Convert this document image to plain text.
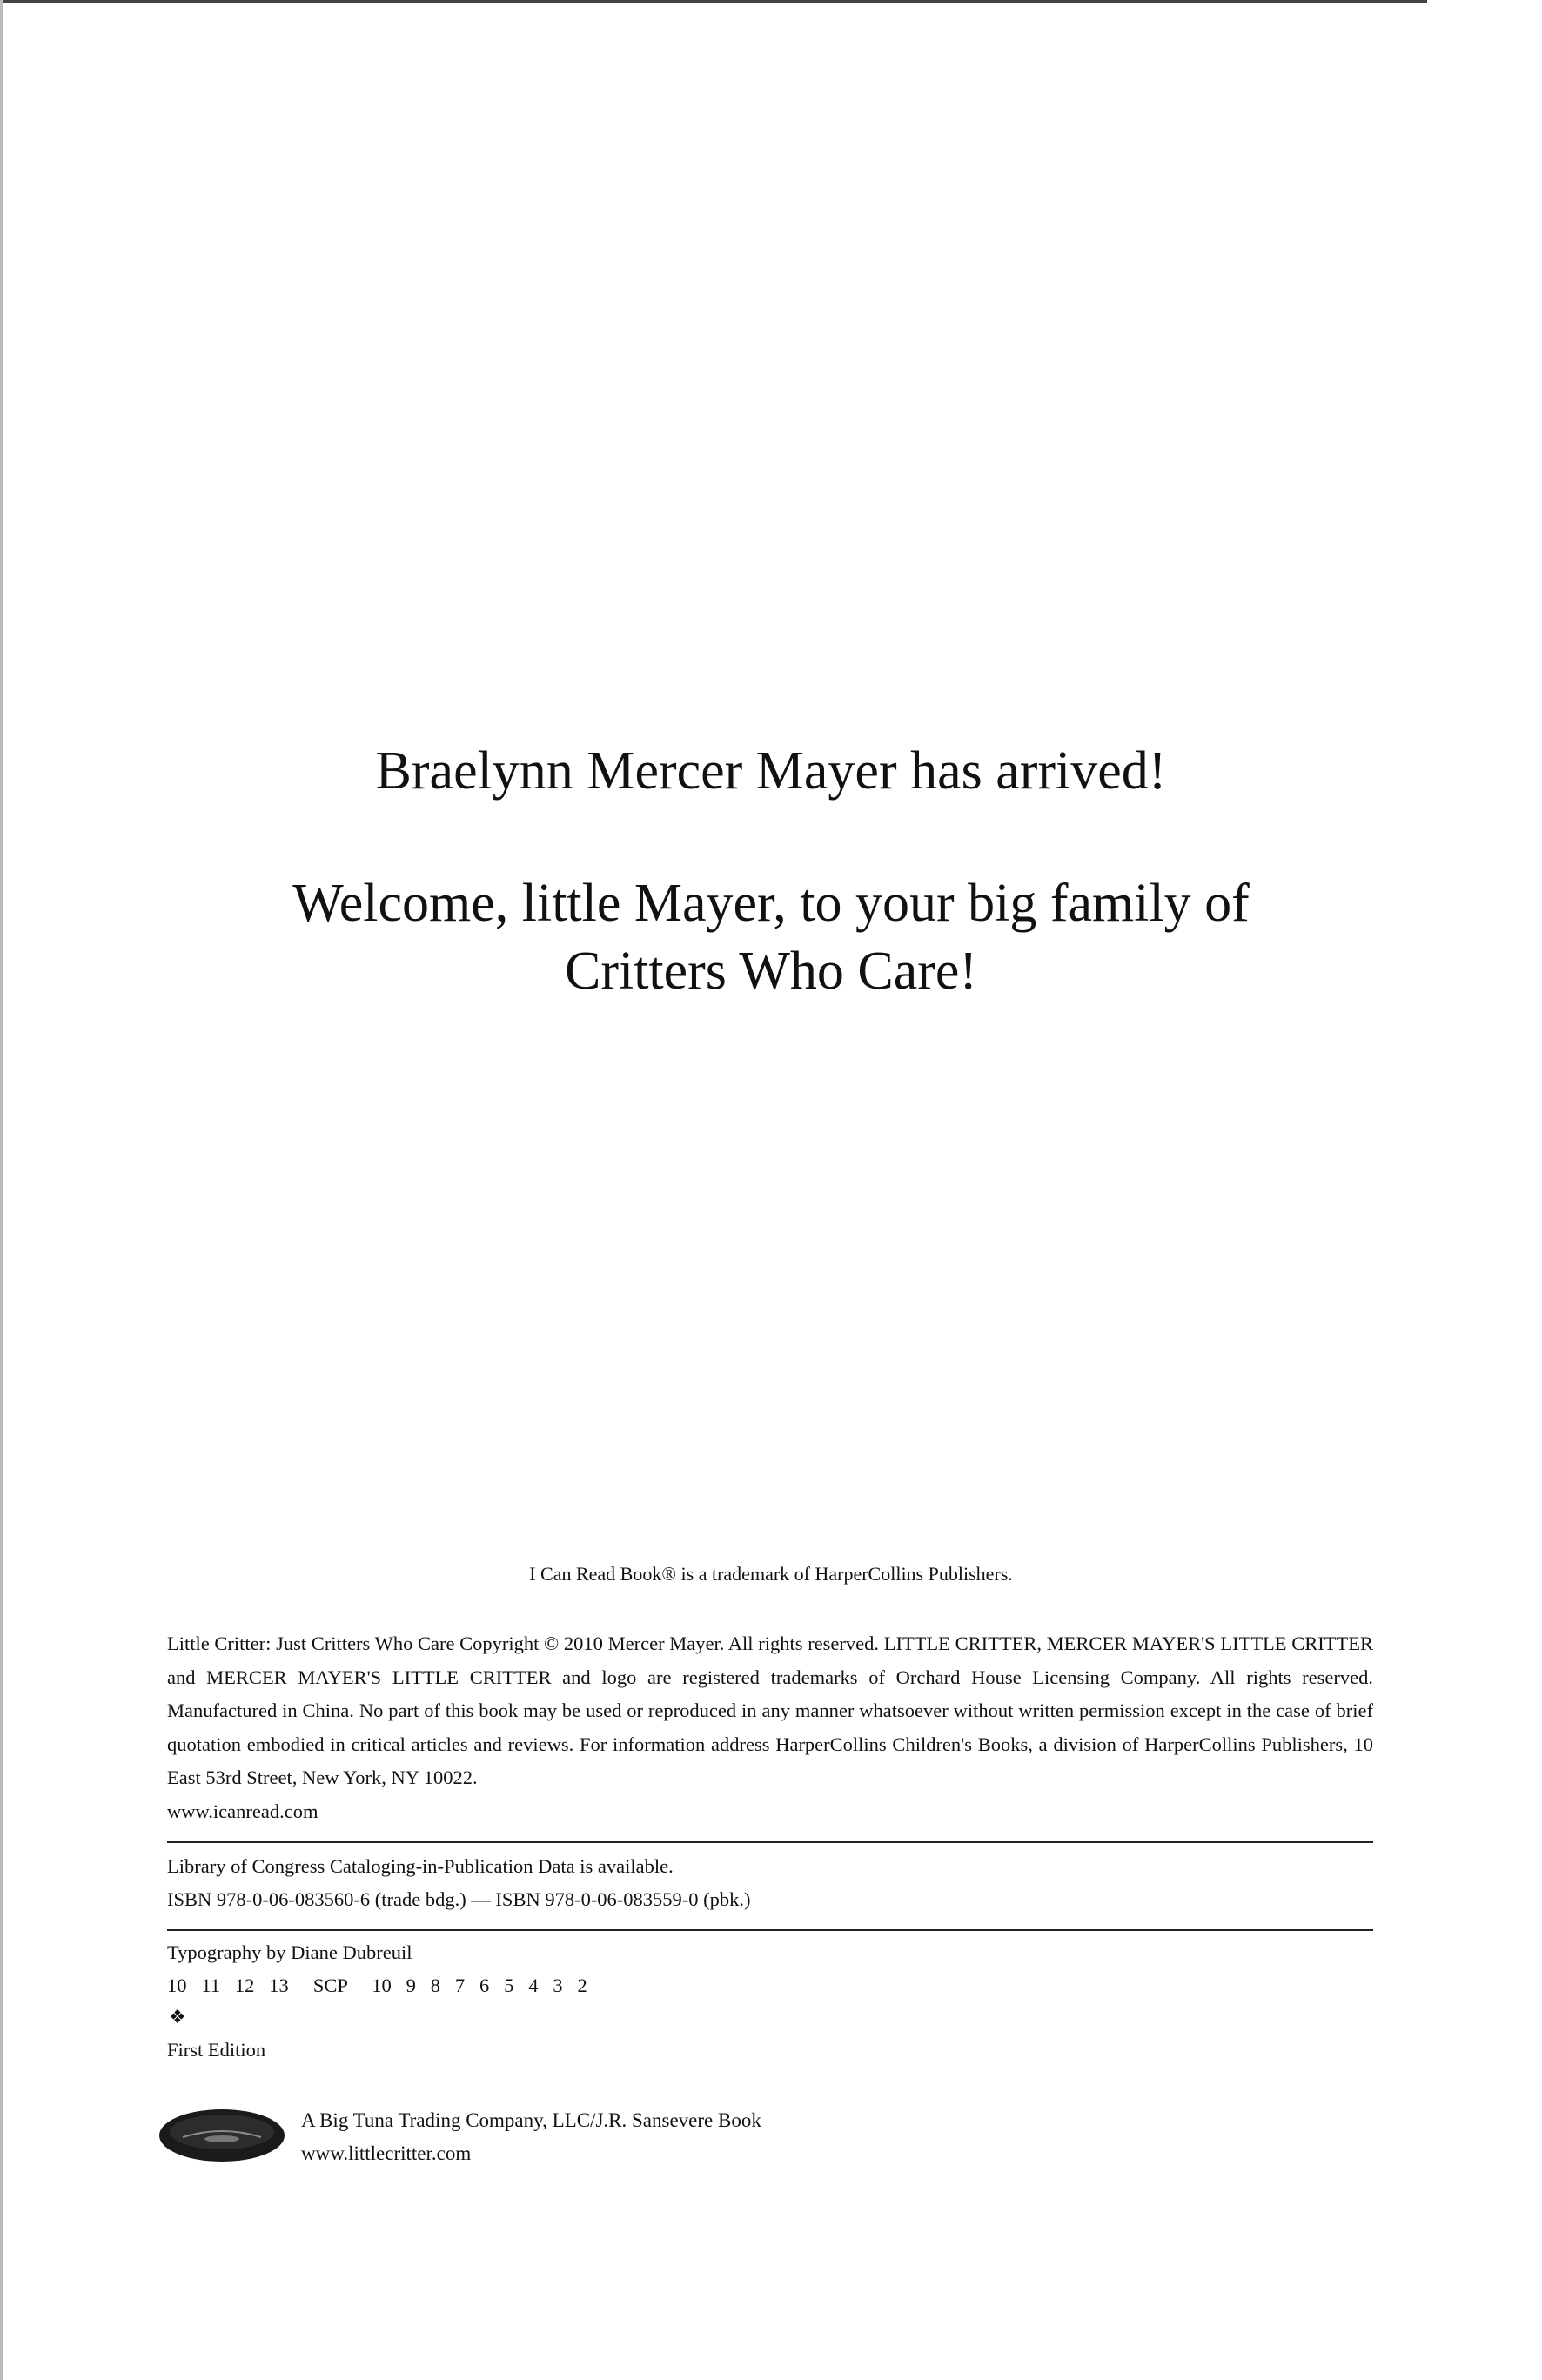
Braelynn Mercer Mayer has arrived!
Welcome, little Mayer, to your big family of
Critters Who Care!
I Can Read Book® is a trademark of HarperCollins Publishers.
Little Critter: Just Critters Who Care Copyright © 2010 Mercer Mayer. All rights reserved. LITTLE CRITTER, MERCER MAYER'S LITTLE CRITTER and MERCER MAYER'S LITTLE CRITTER and logo are registered trademarks of Orchard House Licensing Company. All rights reserved. Manufactured in China. No part of this book may be used or reproduced in any manner whatsoever without written permission except in the case of brief quotation embodied in critical articles and reviews. For information address HarperCollins Children's Books, a division of HarperCollins Publishers, 10 East 53rd Street, New York, NY 10022.
www.icanread.com
Library of Congress Cataloging-in-Publication Data is available.
ISBN 978-0-06-083560-6 (trade bdg.) — ISBN 978-0-06-083559-0 (pbk.)
Typography by Diane Dubreuil
10   11   12   13     SCP     10   9   8   7   6   5   4   3   2
❖
First Edition
A Big Tuna Trading Company, LLC/J.R. Sansevere Book
www.littlecritter.com
